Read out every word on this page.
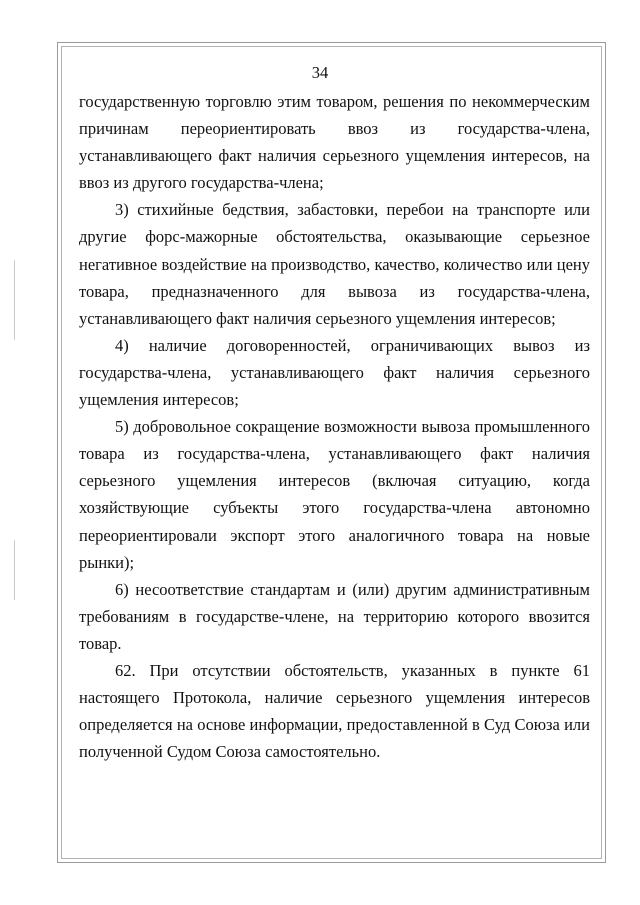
34

государственную торговлю этим товаром, решения по некоммерческим причинам переориентировать ввоз из государства-члена, устанавливающего факт наличия серьезного ущемления интересов, на ввоз из другого государства-члена;

3) стихийные бедствия, забастовки, перебои на транспорте или другие форс-мажорные обстоятельства, оказывающие серьезное негативное воздействие на производство, качество, количество или цену товара, предназначенного для вывоза из государства-члена, устанавливающего факт наличия серьезного ущемления интересов;

4) наличие договоренностей, ограничивающих вывоз из государства-члена, устанавливающего факт наличия серьезного ущемления интересов;

5) добровольное сокращение возможности вывоза промышленного товара из государства-члена, устанавливающего факт наличия серьезного ущемления интересов (включая ситуацию, когда хозяйствующие субъекты этого государства-члена автономно переориентировали экспорт этого аналогичного товара на новые рынки);

6) несоответствие стандартам и (или) другим административным требованиям в государстве-члене, на территорию которого ввозится товар.

62. При отсутствии обстоятельств, указанных в пункте 61 настоящего Протокола, наличие серьезного ущемления интересов определяется на основе информации, предоставленной в Суд Союза или полученной Судом Союза самостоятельно.
